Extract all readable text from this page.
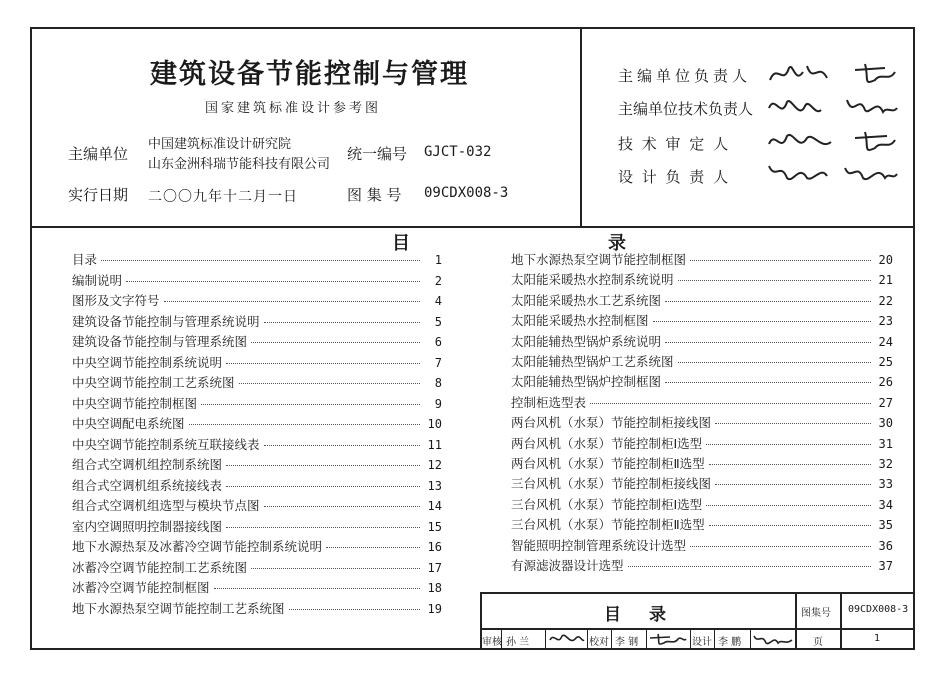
建筑设备节能控制与管理
国家建筑标准设计参考图
主编单位
中国建筑标准设计研究院
山东金洲科瑞节能科技有限公司
统一编号 GJCT-032
实行日期 二〇〇九年十二月一日	图 集 号 09CDX008-3
主编单位负责人
主编单位技术负责人
技 术 审 定 人
设 计 负 责 人
目　　　　　　　　　　　录
目录	1
编制说明	2
图形及文字符号	4
建筑设备节能控制与管理系统说明	5
建筑设备节能控制与管理系统图	6
中央空调节能控制系统说明	7
中央空调节能控制工艺系统图	8
中央空调节能控制框图	9
中央空调配电系统图	10
中央空调节能控制系统互联接线表	11
组合式空调机组控制系统图	12
组合式空调机组系统接线表	13
组合式空调机组选型与模块节点图	14
室内空调照明控制器接线图	15
地下水源热泵及冰蓄冷空调节能控制系统说明	16
冰蓄冷空调节能控制工艺系统图	17
冰蓄冷空调节能控制框图	18
地下水源热泵空调节能控制工艺系统图	19
地下水源热泵空调节能控制框图	20
太阳能采暖热水控制系统说明	21
太阳能采暖热水工艺系统图	22
太阳能采暖热水控制框图	23
太阳能辅热型锅炉系统说明	24
太阳能辅热型锅炉工艺系统图	25
太阳能辅热型锅炉控制框图	26
控制柜选型表	27
两台风机（水泵）节能控制柜接线图	30
两台风机（水泵）节能控制柜Ⅰ选型	31
两台风机（水泵）节能控制柜Ⅱ选型	32
三台风机（水泵）节能控制柜接线图	33
三台风机（水泵）节能控制柜Ⅰ选型	34
三台风机（水泵）节能控制柜Ⅱ选型	35
智能照明控制管理系统设计选型	36
有源滤波器设计选型	37
目录	图集号 09CDX008-3
审核 孙 兰	校对 李 钢	设计 李 鹏	页	1
